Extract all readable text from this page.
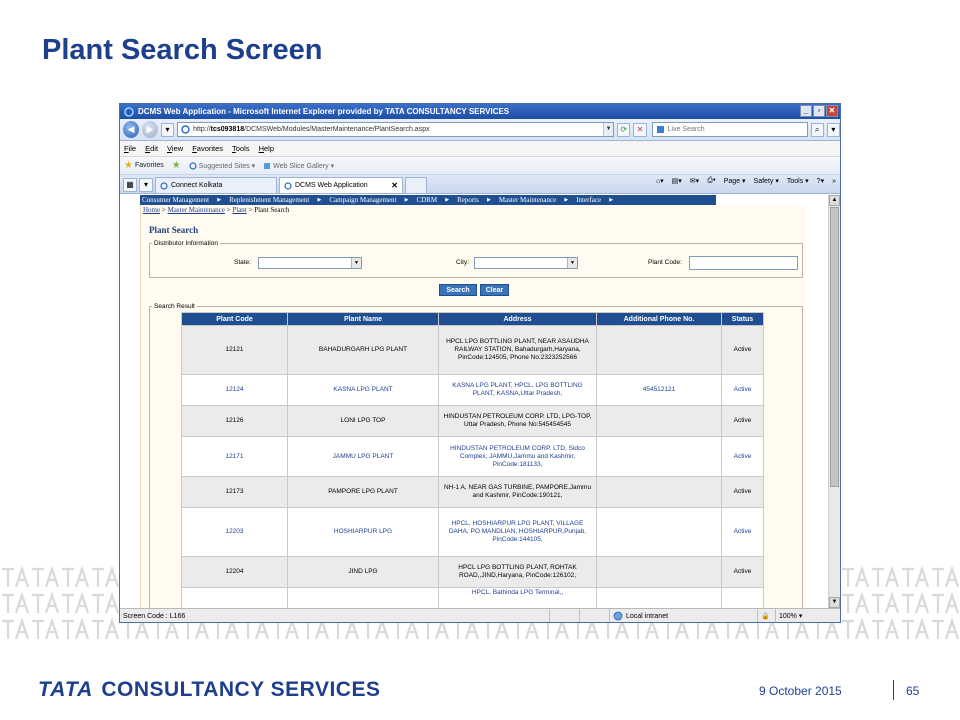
Plant Search Screen
DCMS Web Application - Microsoft Internet Explorer provided by TATA CONSULTANCY SERVICES	_	▫	✕
◀	▶	▾	http:// tcs093818 /DCMSWeb/Modules/MasterMaintenance/PlantSearch.aspx	▼	⟳	✕	Live Search	⌕	▾
File Edit View Favorites Tools Help
★ Favorites ★	Suggested Sites ▾	Web Slice Gallery ▾
▦	▾	Connect Kolkata	DCMS Web Application	✕	⌂▾ ▤▾ ✉▾ ⎙▾ Page ▾ Safety ▾ Tools ▾ ?▾ »
Consumer Management ▶	Replenishment Management ▶	Campaign Management ▶	CDRM ▶	Reports ▶	Master Maintenance ▶	Interface ▶
Home > Master Maintenance > Plant > Plant Search
Plant Search
Distributor Information
State:	▼	City:	▼	Plant Code:
Search	Clear
Search Result
Plant Code	Plant Name	Address	Additional Phone No.	Status
12121	BAHADURGARH LPG PLANT	HPCL LPG BOTTLING PLANT, NEAR ASAUDHA RAILWAY STATION, Bahadurgarh,Haryana, PinCode:124505, Phone No:2323252566		Active
12124	KASNA LPG PLANT	KASNA LPG PLANT, HPCL, LPG BOTTLING PLANT, KASNA,Uttar Pradesh,	454512121	Active
12126	LONI LPG TOP	HINDUSTAN PETROLEUM CORP. LTD, LPG-TOP, Uttar Pradesh, Phone No:545454545		Active
12171	JAMMU LPG PLANT	HINDUSTAN PETROLEUM CORP. LTD, Sidco Complex, JAMMU,Jammu and Kashmir, PinCode:181133,		Active
12173	PAMPORE LPG PLANT	NH-1 A, NEAR GAS TURBINE, PAMPORE,Jammu and Kashmir, PinCode:190121,		Active
12203	HOSHIARPUR LPG	HPCL, HOSHIARPUR LPG PLANT, VILLAGE DAHA, PO MANDLIAN, HOSHIARPUR,Punjab, PinCode:144105,		Active
12204	JIND LPG	HPCL LPG BOTTLING PLANT, ROHTAK ROAD,,JIND,Haryana, PinCode:126102,		Active
		HPCL, Bathinda LPG Terminal,,		
▲
▼
Screen Code : L166	Local intranet	🔒	100% ▾
TATA CONSULTANCY SERVICES	9 October 2015	65
